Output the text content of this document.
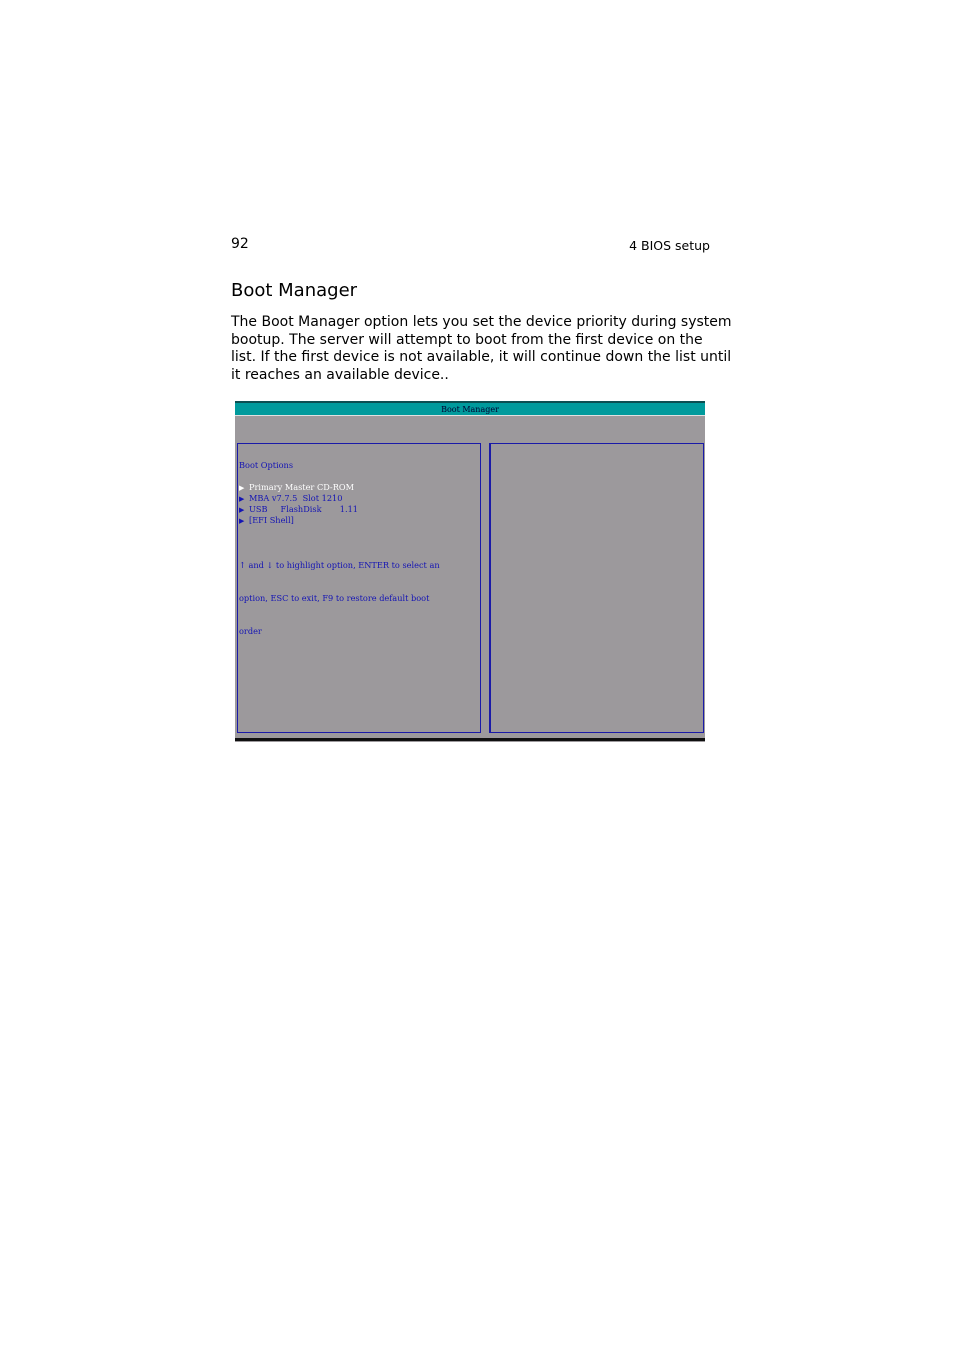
92	4 BIOS setup
Boot Manager

The Boot Manager option lets you set the device priority during system
bootup. The server will attempt to boot from the first device on the
list. If the first device is not available, it will continue down the list until
it reaches an available device..

Boot Manager
Boot Options
▶ Primary Master CD-ROM
▶ MBA v7.7.5  Slot 1210
▶ USB     FlashDisk       1.11
▶ [EFI Shell]

↑ and ↓ to highlight option, ENTER to select an

option, ESC to exit, F9 to restore default boot

order
